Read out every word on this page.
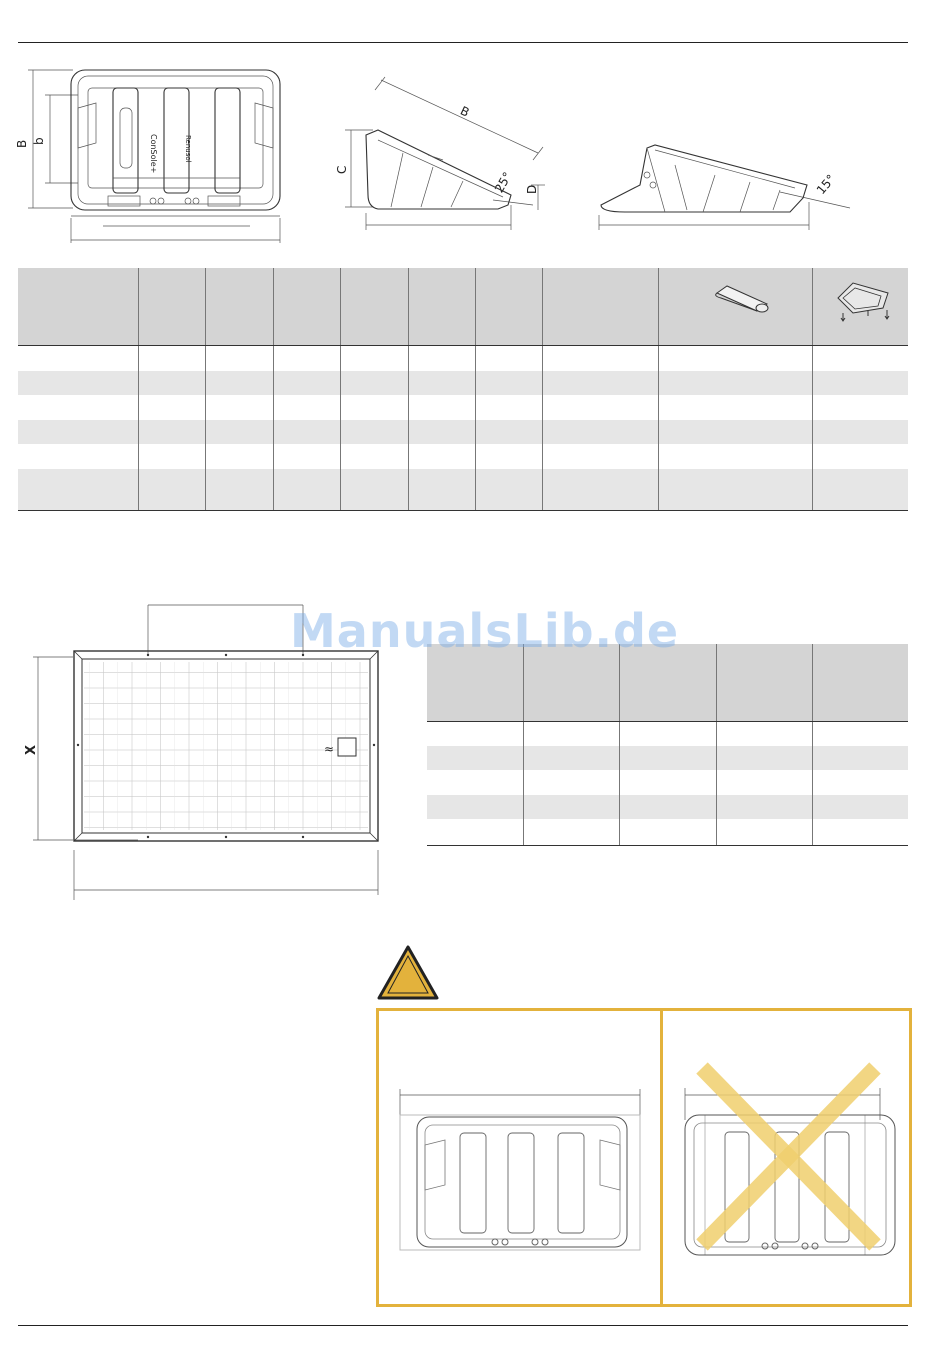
B b	ConSole+	Renusol
B
C
D
25°	15°

X	≈

ManualsLib.de
